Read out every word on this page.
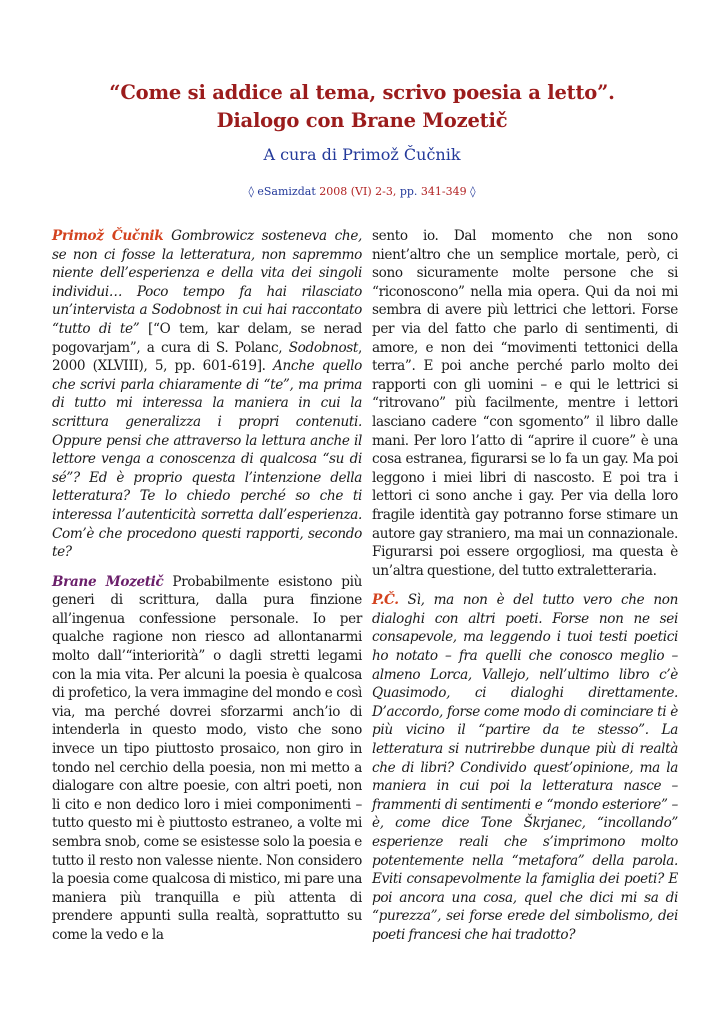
“Come si addice al tema, scrivo poesia a letto”.
Dialogo con Brane Mozetič
A cura di Primož Čučnik
◊ eSamizdat 2008 (VI) 2-3, pp. 341-349 ◊

Primož Čučnik Gombrowicz sosteneva che, se non ci fosse la letteratura, non sapremmo niente dell’esperienza e della vita dei singoli individui… Poco tempo fa hai rilasciato un’intervista a Sodobnost in cui hai raccontato “tutto di te” [“O tem, kar delam, se nerad pogovarjam”, a cura di S. Polanc, Sodobnost, 2000 (XLVIII), 5, pp. 601-619]. Anche quello che scrivi parla chiaramente di “te”, ma prima di tutto mi interessa la maniera in cui la scrittura generalizza i propri contenuti. Oppure pensi che attraverso la lettura anche il lettore venga a conoscenza di qualcosa “su di sé”? Ed è proprio questa l’intenzione della letteratura? Te lo chiedo perché so che ti interessa l’autenticità sorretta dall’esperienza. Com’è che procedono questi rapporti, secondo te?

Brane Mozetič Probabilmente esistono più generi di scrittura, dalla pura finzione all’ingenua confessione personale. Io per qualche ragione non riesco ad allontanarmi molto dall’“interiorità” o dagli stretti legami con la mia vita. Per alcuni la poesia è qualcosa di profetico, la vera immagine del mondo e così via, ma perché dovrei sforzarmi anch’io di intenderla in questo modo, visto che sono invece un tipo piuttosto prosaico, non giro in tondo nel cerchio della poesia, non mi metto a dialogare con altre poesie, con altri poeti, non li cito e non dedico loro i miei componimenti – tutto questo mi è piuttosto estraneo, a volte mi sembra snob, come se esistesse solo la poesia e tutto il resto non valesse niente. Non considero la poesia come qualcosa di mistico, mi pare una maniera più tranquilla e più attenta di prendere appunti sulla realtà, soprattutto su come la vedo e la

sento io. Dal momento che non sono nient’altro che un semplice mortale, però, ci sono sicuramente molte persone che si “riconoscono” nella mia opera. Qui da noi mi sembra di avere più lettrici che lettori. Forse per via del fatto che parlo di sentimenti, di amore, e non dei “movimenti tettonici della terra”. E poi anche perché parlo molto dei rapporti con gli uomini – e qui le lettrici si “ritrovano” più facilmente, mentre i lettori lasciano cadere “con sgomento” il libro dalle mani. Per loro l’atto di “aprire il cuore” è una cosa estranea, figurarsi se lo fa un gay. Ma poi leggono i miei libri di nascosto. E poi tra i lettori ci sono anche i gay. Per via della loro fragile identità gay potranno forse stimare un autore gay straniero, ma mai un connazionale. Figurarsi poi essere orgogliosi, ma questa è un’altra questione, del tutto extraletteraria.

P.Č. Sì, ma non è del tutto vero che non dialoghi con altri poeti. Forse non ne sei consapevole, ma leggendo i tuoi testi poetici ho notato – fra quelli che conosco meglio – almeno Lorca, Vallejo, nell’ultimo libro c’è Quasimodo, ci dialoghi direttamente. D’accordo, forse come modo di cominciare ti è più vicino il “partire da te stesso”. La letteratura si nutrirebbe dunque più di realtà che di libri? Condivido quest’opinione, ma la maniera in cui poi la letteratura nasce – frammenti di sentimenti e “mondo esteriore” – è, come dice Tone Škrjanec, “incollando” esperienze reali che s’imprimono molto potentemente nella “metafora” della parola. Eviti consapevolmente la famiglia dei poeti? E poi ancora una cosa, quel che dici mi sa di “purezza”, sei forse erede del simbolismo, dei poeti francesi che hai tradotto?
